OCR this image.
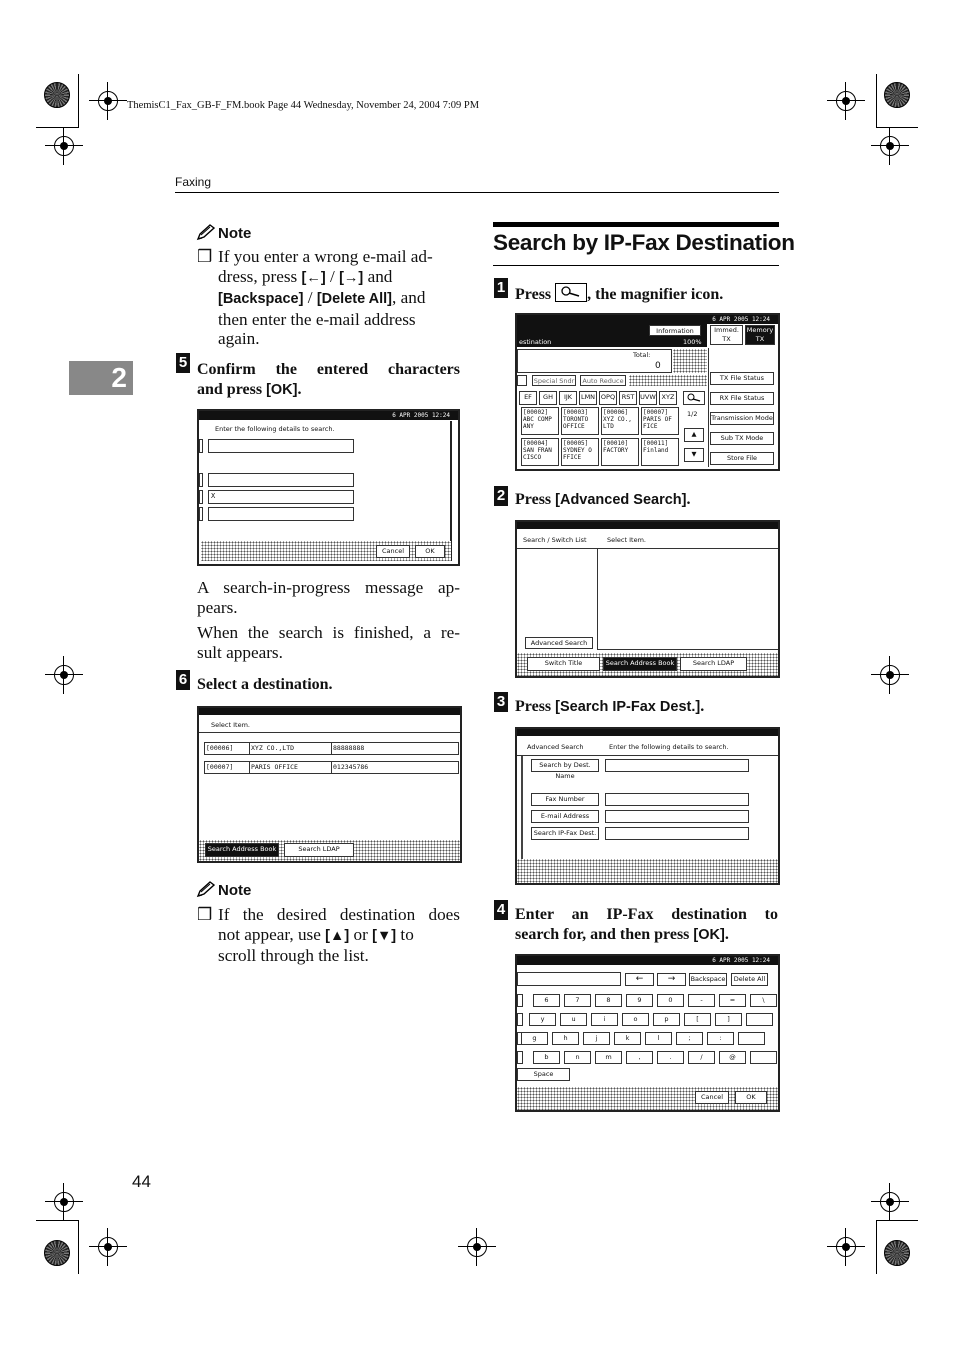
ThemisC1_Fax_GB-F_FM.book Page 44 Wednesday, November 24, 2004 7:09 PM
Faxing
2
Note
❒ If you enter a wrong e-mail ad-
dress, press [←] / [→] and
[Backspace] / [Delete All], and
then enter the e-mail address
again.
5 Confirm the entered characters
and press [OK].
6 APR 2005 12:24
Enter the following details to search.
X
Cancel	OK
A search-in-progress message ap-
pears.
When the search is finished, a re-
sult appears.
6 Select a destination.
Select Item.
[00006]	XYZ CO.,LTD	88888888
[00007]	PARIS OFFICE	012345786
Search Address Book	Search LDAP
Note
❒ If the desired destination does
not appear, use [▲] or [▼] to
scroll through the list.
Search by IP-Fax Destination
1 Press
, the magnifier icon.
6 APR 2005 12:24
Information
estination	100%
Immed. TX
Memory TX
Total:
0
Special Sndr	Auto Reduce
EF	GH	IJK	LMN OPQ	RST UVW XYZ
[00002] ABC COMP ANY
[00003] TORONTO OFFICE
[00006] XYZ CO., LTD
[00007] PARIS OF FICE
[00004] SAN FRAN CISCO
[00005] SYDNEY O FFICE
[00010] FACTORY
[00011] Finland
1/2
▲
▼
TX File Status
RX File Status
Transmission Mode
Sub TX Mode
Store File
2 Press [Advanced Search].
Search / Switch List	Select Item.
Advanced Search
Switch Title	Search Address Book	Search LDAP
3 Press [Search IP-Fax Dest.].
Advanced Search	Enter the following details to search.
Search by Dest. Name
Fax Number
E-mail Address
Search IP-Fax Dest.
4 Enter an IP-Fax destination to
search for, and then press [OK].
6 APR 2005 12:24
←	→	Backspace	Delete All
6	7	8	9	0	-	=	\
y	u	i	o	p	[	]
g	h	j	k	l	;	:
b	n	m	,	.	/	@
Space
Cancel	OK
44
